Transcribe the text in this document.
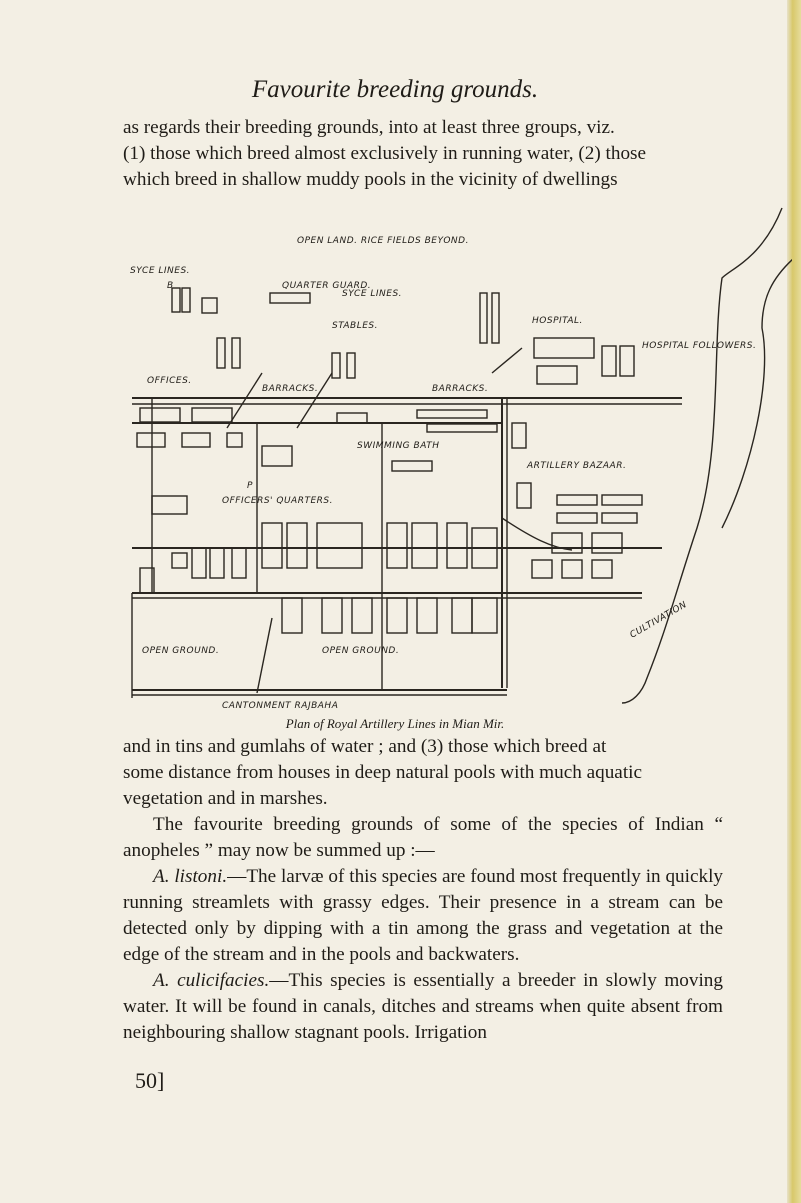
Favourite breeding grounds.

as regards their breeding grounds, into at least three groups, viz.

(1) those which breed almost exclusively in running water, (2) those

which breed in shallow muddy pools in the vicinity of dwellings

OPEN LAND. RICE FIELDS BEYOND.
SYCE LINES.
B	QUARTER GUARD.
SYCE LINES.
STABLES.	HOSPITAL.
HOSPITAL FOLLOWERS.
OFFICES.
BARRACKS.	BARRACKS.
SWIMMING BATH
ARTILLERY BAZAAR.
P
OFFICERS' QUARTERS.
OPEN GROUND.	OPEN GROUND.
CANTONMENT RAJBAHA
CULTIVATION
Plan of Royal Artillery Lines in Mian Mir.

and in tins and gumlahs of water ; and (3) those which breed at

some distance from houses in deep natural pools with much aquatic

vegetation and in marshes.

The favourite breeding grounds of some of the species of Indian “ anopheles ” may now be summed up :—

A. listoni.—The larvæ of this species are found most frequently in quickly running streamlets with grassy edges. Their presence in a stream can be detected only by dipping with a tin among the grass and vegetation at the edge of the stream and in the pools and backwaters.

A. culicifacies.—This species is essentially a breeder in slowly moving water. It will be found in canals, ditches and streams when quite absent from neighbouring shallow stagnant pools. Irrigation

50]
